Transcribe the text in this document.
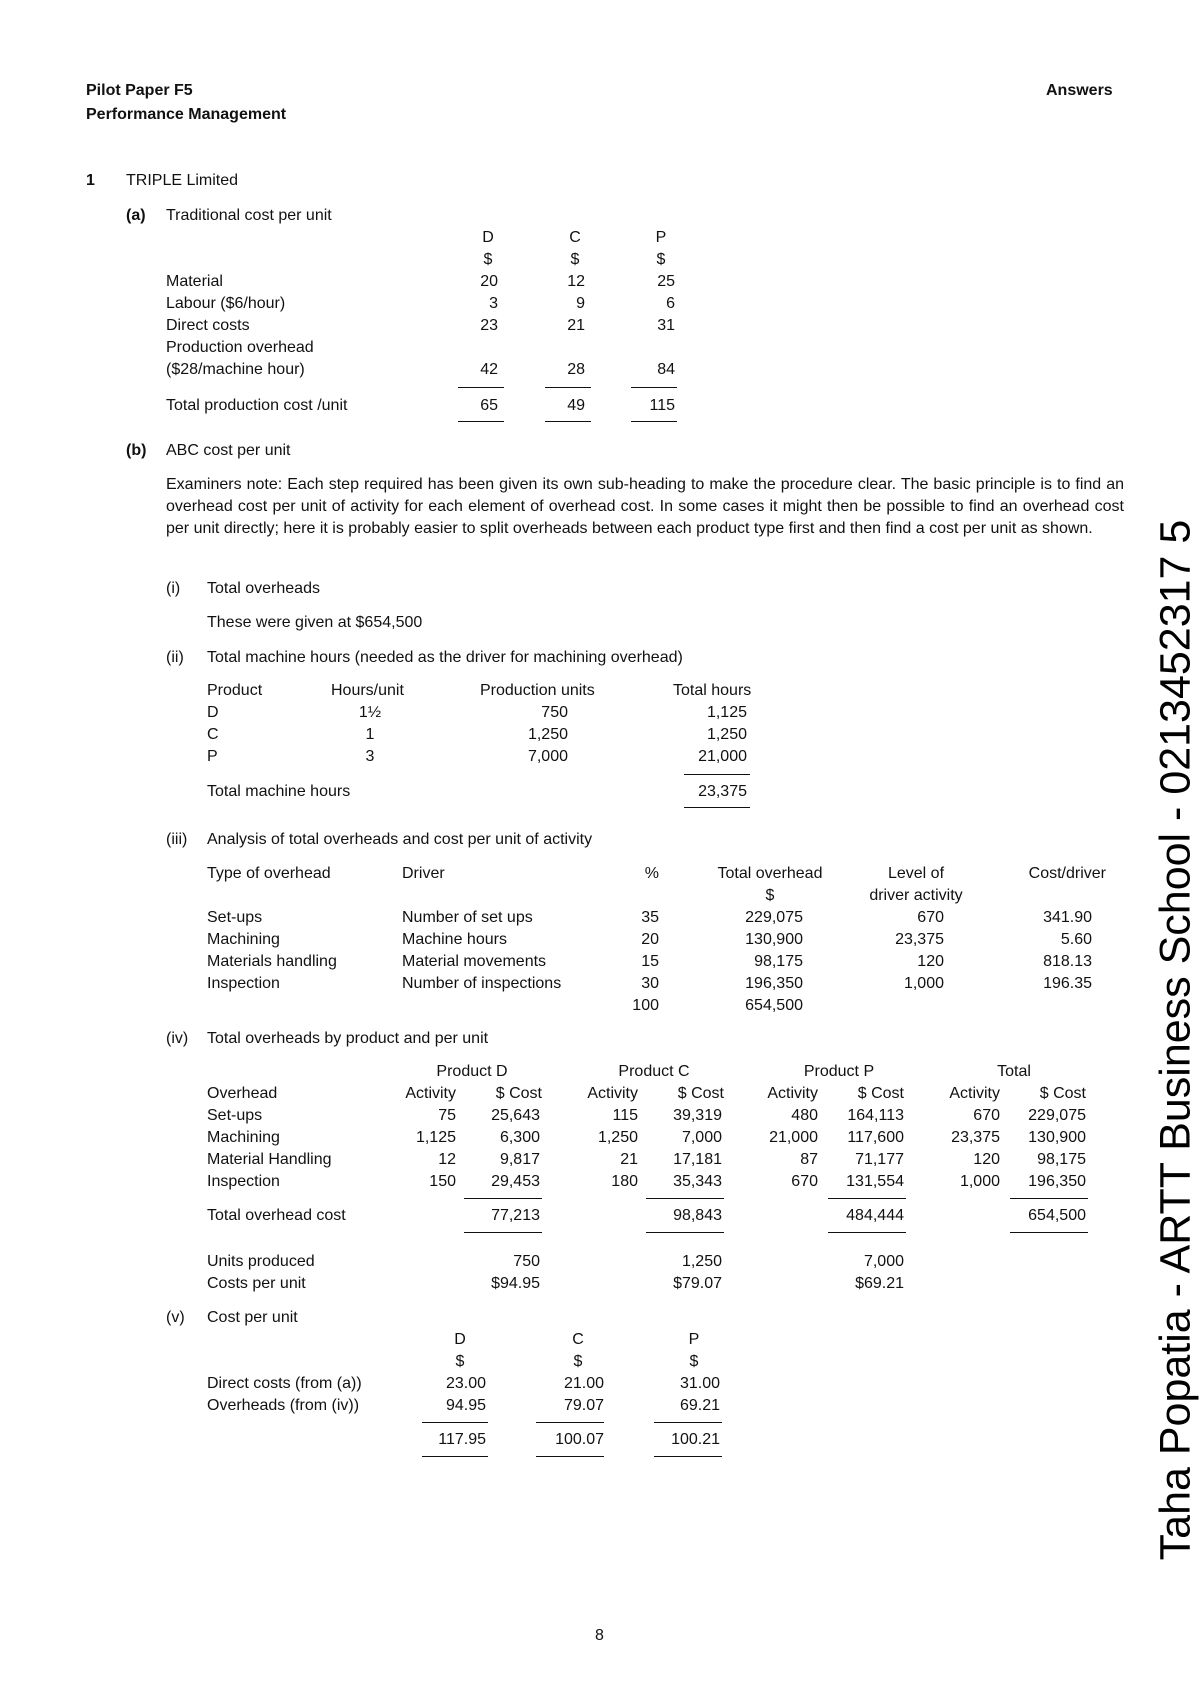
Pilot Paper F5
Performance Management
Answers
1 TRIPLE Limited
(a) Traditional cost per unit
D	C	P
$	$	$
Material	20	12	25
Labour ($6/hour)	3	9	6
Direct costs	23	21	31
Production overhead
($28/machine hour)	42	28	84
Total production cost /unit	65	49	115
(b) ABC cost per unit
Examiners note: Each step required has been given its own sub-heading to make the procedure clear. The basic principle is to find an overhead cost per unit of activity for each element of overhead cost. In some cases it might then be possible to find an overhead cost per unit directly; here it is probably easier to split overheads between each product type first and then find a cost per unit as shown.
(i) Total overheads
These were given at $654,500
(ii) Total machine hours (needed as the driver for machining overhead)
Product	Hours/unit	Production units	Total hours
D	1½	750	1,125
C	1	1,250	1,250
P	3	7,000	21,000
Total machine hours	23,375
(iii) Analysis of total overheads and cost per unit of activity
Type of overhead	Driver	%	Total overhead	Level of	Cost/driver
$	driver activity
Set-ups	Number of set ups	35	229,075	670	341.90
Machining	Machine hours	20	130,900	23,375	5.60
Materials handling	Material movements	15	98,175	120	818.13
Inspection	Number of inspections	30	196,350	1,000	196.35
100	654,500
(iv) Total overheads by product and per unit
Product D	Product C	Product P	Total
Overhead	Activity	$ Cost	Activity	$ Cost	Activity	$ Cost	Activity	$ Cost
Set-ups	75	25,643	115	39,319	480	164,113	670	229,075
Machining	1,125	6,300	1,250	7,000	21,000	117,600	23,375	130,900
Material Handling	12	9,817	21	17,181	87	71,177	120	98,175
Inspection	150	29,453	180	35,343	670	131,554	1,000	196,350
Total overhead cost	77,213	98,843	484,444	654,500
Units produced	750	1,250	7,000
Costs per unit	$94.95	$79.07	$69.21
(v) Cost per unit
D	C	P
$	$	$
Direct costs (from (a))	23.00	21.00	31.00
Overheads (from (iv))	94.95	79.07	69.21
117.95	100.07	100.21
8
Taha Popatia - ARTT Business School - 0213452317 5
